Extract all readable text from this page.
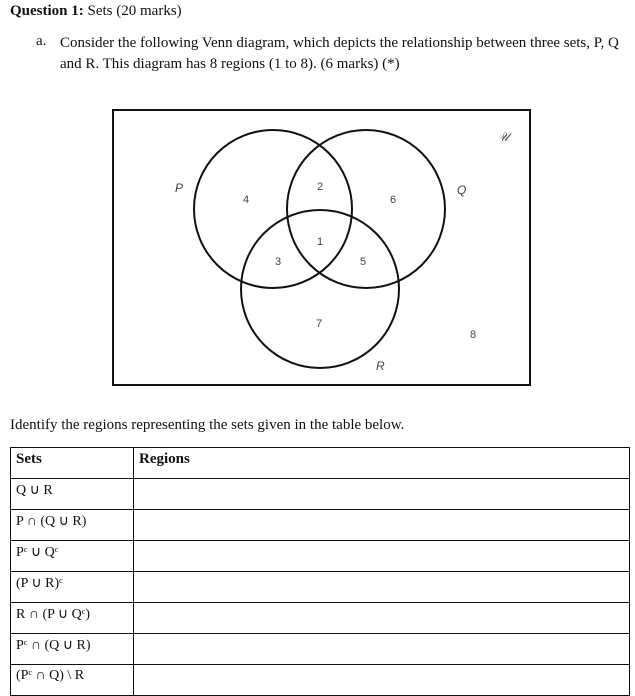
Question 1: Sets (20 marks)
a. Consider the following Venn diagram, which depicts the relationship between three sets, P, Q and R. This diagram has 8 regions (1 to 8). (6 marks) (*)
P	Q
R
𝒰
1
2
3
4
5
6
7
8
Identify the regions representing the sets given in the table below.
Sets	Regions
Q ∪ R	
P ∩ (Q ∪ R)	
Pᶜ ∪ Qᶜ	
(P ∪ R)ᶜ	
R ∩ (P ∪ Qᶜ)	
Pᶜ ∩ (Q ∪ R)	
(Pᶜ ∩ Q) \ R	
